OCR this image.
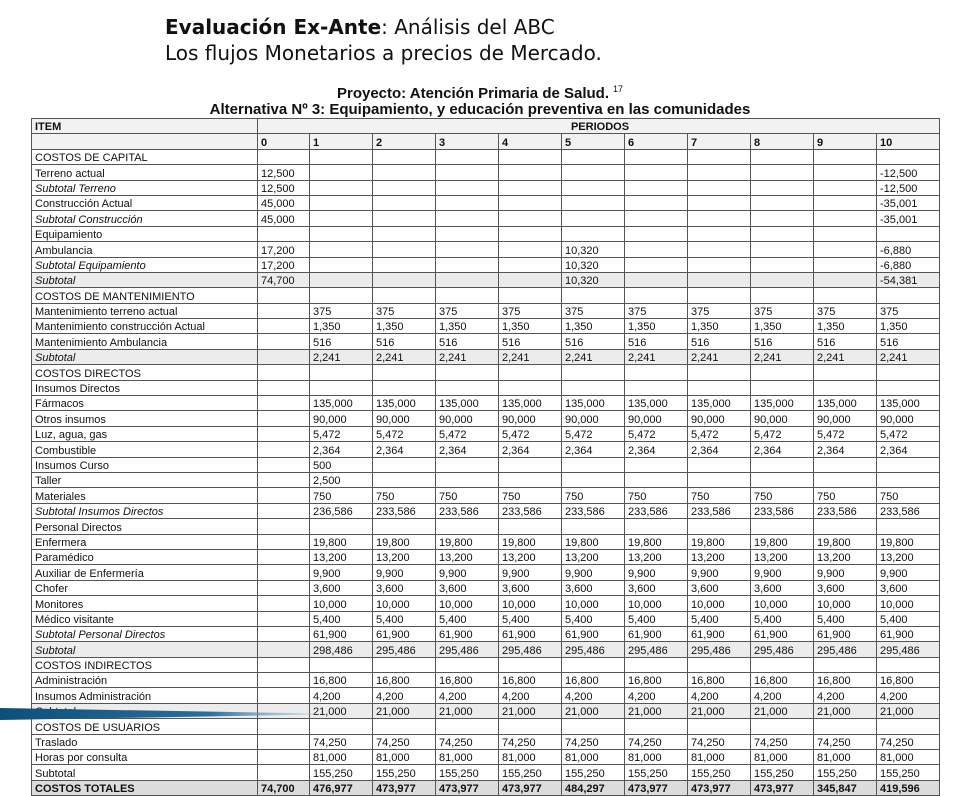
Evaluación Ex-Ante: Análisis del ABC
Los flujos Monetarios a precios de Mercado.
Proyecto: Atención Primaria de Salud. $^{17}$
Alternativa Nº 3: Equipamiento, y educación preventiva en las comunidades
ITEM	PERIODOS										
	0	1	2	3	4	5	6	7	8	9	10
COSTOS DE CAPITAL											
Terreno actual	12,500										-12,500
Subtotal Terreno	12,500										-12,500
Construcción Actual	45,000										-35,001
Subtotal Construcción	45,000										-35,001
Equipamiento											
Ambulancia	17,200					10,320					-6,880
Subtotal Equipamiento	17,200					10,320					-6,880
Subtotal	74,700					10,320					-54,381
COSTOS DE MANTENIMIENTO											
Mantenimiento terreno actual		375	375	375	375	375	375	375	375	375	375
Mantenimiento construcción Actual		1,350	1,350	1,350	1,350	1,350	1,350	1,350	1,350	1,350	1,350
Mantenimiento Ambulancia		516	516	516	516	516	516	516	516	516	516
Subtotal		2,241	2,241	2,241	2,241	2,241	2,241	2,241	2,241	2,241	2,241
COSTOS DIRECTOS											
Insumos Directos											
Fármacos		135,000	135,000	135,000	135,000	135,000	135,000	135,000	135,000	135,000	135,000
Otros insumos		90,000	90,000	90,000	90,000	90,000	90,000	90,000	90,000	90,000	90,000
Luz, agua, gas		5,472	5,472	5,472	5,472	5,472	5,472	5,472	5,472	5,472	5,472
Combustible		2,364	2,364	2,364	2,364	2,364	2,364	2,364	2,364	2,364	2,364
Insumos Curso		500									
Taller		2,500									
Materiales		750	750	750	750	750	750	750	750	750	750
Subtotal Insumos Directos		236,586	233,586	233,586	233,586	233,586	233,586	233,586	233,586	233,586	233,586
Personal Directos											
Enfermera		19,800	19,800	19,800	19,800	19,800	19,800	19,800	19,800	19,800	19,800
Paramédico		13,200	13,200	13,200	13,200	13,200	13,200	13,200	13,200	13,200	13,200
Auxiliar de Enfermería		9,900	9,900	9,900	9,900	9,900	9,900	9,900	9,900	9,900	9,900
Chofer		3,600	3,600	3,600	3,600	3,600	3,600	3,600	3,600	3,600	3,600
Monitores		10,000	10,000	10,000	10,000	10,000	10,000	10,000	10,000	10,000	10,000
Médico visitante		5,400	5,400	5,400	5,400	5,400	5,400	5,400	5,400	5,400	5,400
Subtotal Personal Directos		61,900	61,900	61,900	61,900	61,900	61,900	61,900	61,900	61,900	61,900
Subtotal		298,486	295,486	295,486	295,486	295,486	295,486	295,486	295,486	295,486	295,486
COSTOS INDIRECTOS											
Administración		16,800	16,800	16,800	16,800	16,800	16,800	16,800	16,800	16,800	16,800
Insumos Administración		4,200	4,200	4,200	4,200	4,200	4,200	4,200	4,200	4,200	4,200
		21,000	21,000	21,000	21,000	21,000	21,000	21,000	21,000	21,000	21,000
COSTOS DE USUARIOS											
Traslado		74,250	74,250	74,250	74,250	74,250	74,250	74,250	74,250	74,250	74,250
Horas por consulta		81,000	81,000	81,000	81,000	81,000	81,000	81,000	81,000	81,000	81,000
Subtotal		155,250	155,250	155,250	155,250	155,250	155,250	155,250	155,250	155,250	155,250
COSTOS TOTALES	74,700	476,977	473,977	473,977	473,977	484,297	473,977	473,977	473,977	345,847	419,596
